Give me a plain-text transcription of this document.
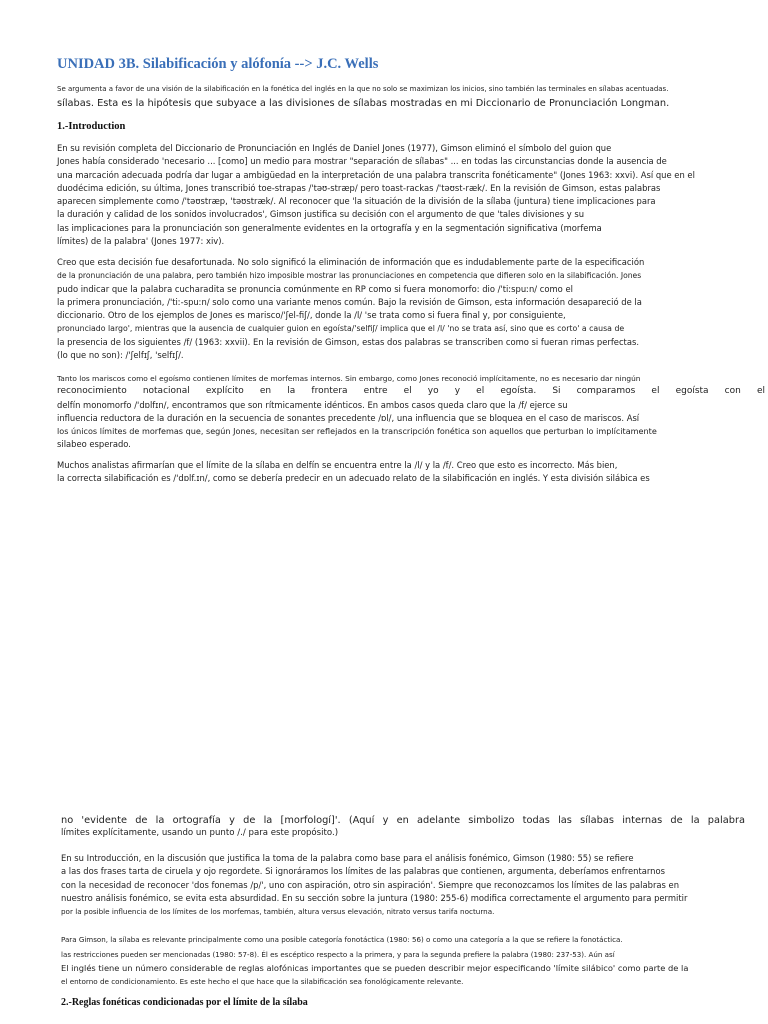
UNIDAD 3B. Silabificación y alófonía --> J.C. Wells
Se argumenta a favor de una visión de la silabificación en la fonética del inglés en la que no solo se maximizan los inicios, sino también las terminales en sílabas acentuadas.
sílabas. Esta es la hipótesis que subyace a las divisiones de sílabas mostradas en mi Diccionario de Pronunciación Longman.
1.-Introduction
En su revisión completa del Diccionario de Pronunciación en Inglés de Daniel Jones (1977), Gimson eliminó el símbolo del guion que
Jones había considerado 'necesario ... [como] un medio para mostrar "separación de sílabas" ... en todas las circunstancias donde la ausencia de
una marcación adecuada podría dar lugar a ambigüedad en la interpretación de una palabra transcrita fonéticamente" (Jones 1963: xxvi). Así que en el
duodécima edición, su última, Jones transcribió toe-strapas /'təʊ-stræp/ pero toast-rackas /'təʊst-ræk/. En la revisión de Gimson, estas palabras
aparecen simplemente como /'təʊstræp, 'təʊstræk/. Al reconocer que 'la situación de la división de la sílaba (juntura) tiene implicaciones para
la duración y calidad de los sonidos involucrados', Gimson justifica su decisión con el argumento de que 'tales divisiones y su
las implicaciones para la pronunciación son generalmente evidentes en la ortografía y en la segmentación significativa (morfema
límites) de la palabra' (Jones 1977: xiv).
Creo que esta decisión fue desafortunada. No solo significó la eliminación de información que es indudablemente parte de la especificación
de la pronunciación de una palabra, pero también hizo imposible mostrar las pronunciaciones en competencia que difieren solo en la silabificación. Jones
pudo indicar que la palabra cucharadita se pronuncia comúnmente en RP como si fuera monomorfo: dio /'tiːspuːn/ como el
la primera pronunciación, /'tiː-spuːn/ solo como una variante menos común. Bajo la revisión de Gimson, esta información desapareció de la
diccionario. Otro de los ejemplos de Jones es marisco/'ʃel-fiʃ/, donde la /l/ 'se trata como si fuera final y, por consiguiente,
pronunciado largo', mientras que la ausencia de cualquier guion en egoísta/'selfiʃ/ implica que el /l/ 'no se trata así, sino que es corto' a causa de
la presencia de los siguientes /f/ (1963: xxvii). En la revisión de Gimson, estas dos palabras se transcriben como si fueran rimas perfectas.
(lo que no son): /'ʃelfɪʃ, 'selfɪʃ/.
Tanto los mariscos como el egoísmo contienen límites de morfemas internos. Sin embargo, como Jones reconoció implícitamente, no es necesario dar ningún
reconocimiento notacional explícito en la frontera entre el yo y el egoísta. Si comparamos el egoísta con el
delfín monomorfo /'dɒlfɪn/, encontramos que son rítmicamente idénticos. En ambos casos queda claro que la /f/ ejerce su
influencia reductora de la duración en la secuencia de sonantes precedente /ɒl/, una influencia que se bloquea en el caso de mariscos. Así
los únicos límites de morfemas que, según Jones, necesitan ser reflejados en la transcripción fonética son aquellos que perturban lo implícitamente
silabeo esperado.
Muchos analistas afirmarían que el límite de la sílaba en delfín se encuentra entre la /l/ y la /f/. Creo que esto es incorrecto. Más bien,
la correcta silabificación es /'dɒlf.ɪn/, como se debería predecir en un adecuado relato de la silabificación en inglés. Y esta división silábica es
no 'evidente de la ortografía y de la [morfologí]'. (Aquí y en adelante simbolizo todas las sílabas internas de la palabra
límites explícitamente, usando un punto /./ para este propósito.)
En su Introducción, en la discusión que justifica la toma de la palabra como base para el análisis fonémico, Gimson (1980: 55) se refiere
a las dos frases tarta de ciruela y ojo regordete. Si ignoráramos los límites de las palabras que contienen, argumenta, deberíamos enfrentarnos
con la necesidad de reconocer 'dos fonemas /p/', uno con aspiración, otro sin aspiración'. Siempre que reconozcamos los límites de las palabras en
nuestro análisis fonémico, se evita esta absurdidad. En su sección sobre la juntura (1980: 255-6) modifica correctamente el argumento para permitir
por la posible influencia de los límites de los morfemas, también, altura versus elevación, nitrato versus tarifa nocturna.
Para Gimson, la sílaba es relevante principalmente como una posible categoría fonotáctica (1980: 56) o como una categoría a la que se refiere la fonotáctica.
las restricciones pueden ser mencionadas (1980: 57-8). Él es escéptico respecto a la primera, y para la segunda prefiere la palabra (1980: 237-53). Aún así
El inglés tiene un número considerable de reglas alofónicas importantes que se pueden describir mejor especificando 'límite silábico' como parte de la
el entorno de condicionamiento. Es este hecho el que hace que la silabificación sea fonológicamente relevante.
2.-Reglas fonéticas condicionadas por el límite de la sílaba
